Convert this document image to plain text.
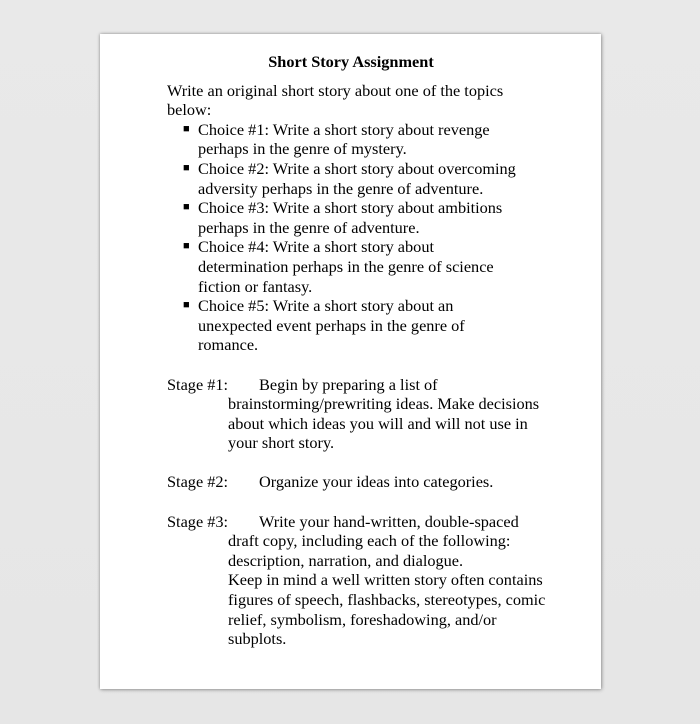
Short Story Assignment
Write an original short story about one of the topics below:
■ Choice #1: Write a short story about revenge perhaps in the genre of mystery.
■ Choice #2: Write a short story about overcoming adversity perhaps in the genre of adventure.
■ Choice #3: Write a short story about ambitions perhaps in the genre of adventure.
■ Choice #4: Write a short story about determination perhaps in the genre of science fiction or fantasy.
■ Choice #5: Write a short story about an unexpected event perhaps in the genre of romance.
Stage #1:	Begin by preparing a list of brainstorming/prewriting ideas. Make decisions about which ideas you will and will not use in your short story.
Stage #2:	Organize your ideas into categories.
Stage #3:	Write your hand-written, double-spaced draft copy, including each of the following: description, narration, and dialogue.
Keep in mind a well written story often contains figures of speech, flashbacks, stereotypes, comic relief, symbolism, foreshadowing, and/or subplots.
